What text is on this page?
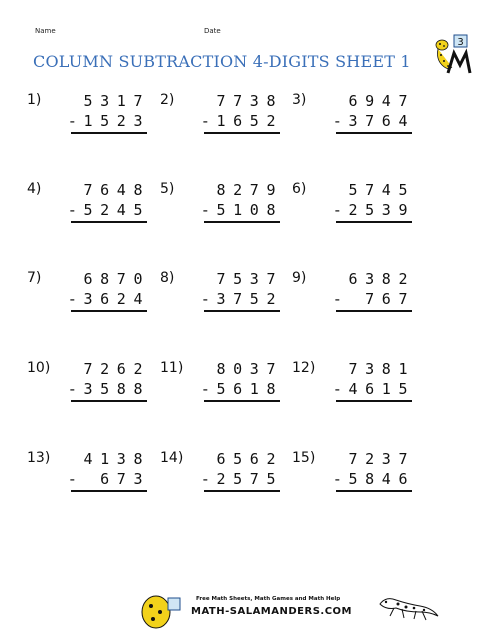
Name	Date
COLUMN SUBTRACTION 4-DIGITS SHEET 1
3
1)	5 3 1 7
- 1 5 2 3
2)	7 7 3 8
- 1 6 5 2
3)	6 9 4 7
- 3 7 6 4
4)	7 6 4 8
- 5 2 4 5
5)	8 2 7 9
- 5 1 0 8
6)	5 7 4 5
- 2 5 3 9
7)	6 8 7 0
- 3 6 2 4
8)	7 5 3 7
- 3 7 5 2
9)	6 3 8 2
- 7 6 7
10) 7 2 6 2
- 3 5 8 8
11) 8 0 3 7
- 5 6 1 8
12) 7 3 8 1
- 4 6 1 5
13) 4 1 3 8
- 6 7 3
14) 6 5 6 2
- 2 5 7 5
15) 7 2 3 7
- 5 8 4 6
Free Math Sheets, Math Games and Math Help
MATH-SALAMANDERS.COM
